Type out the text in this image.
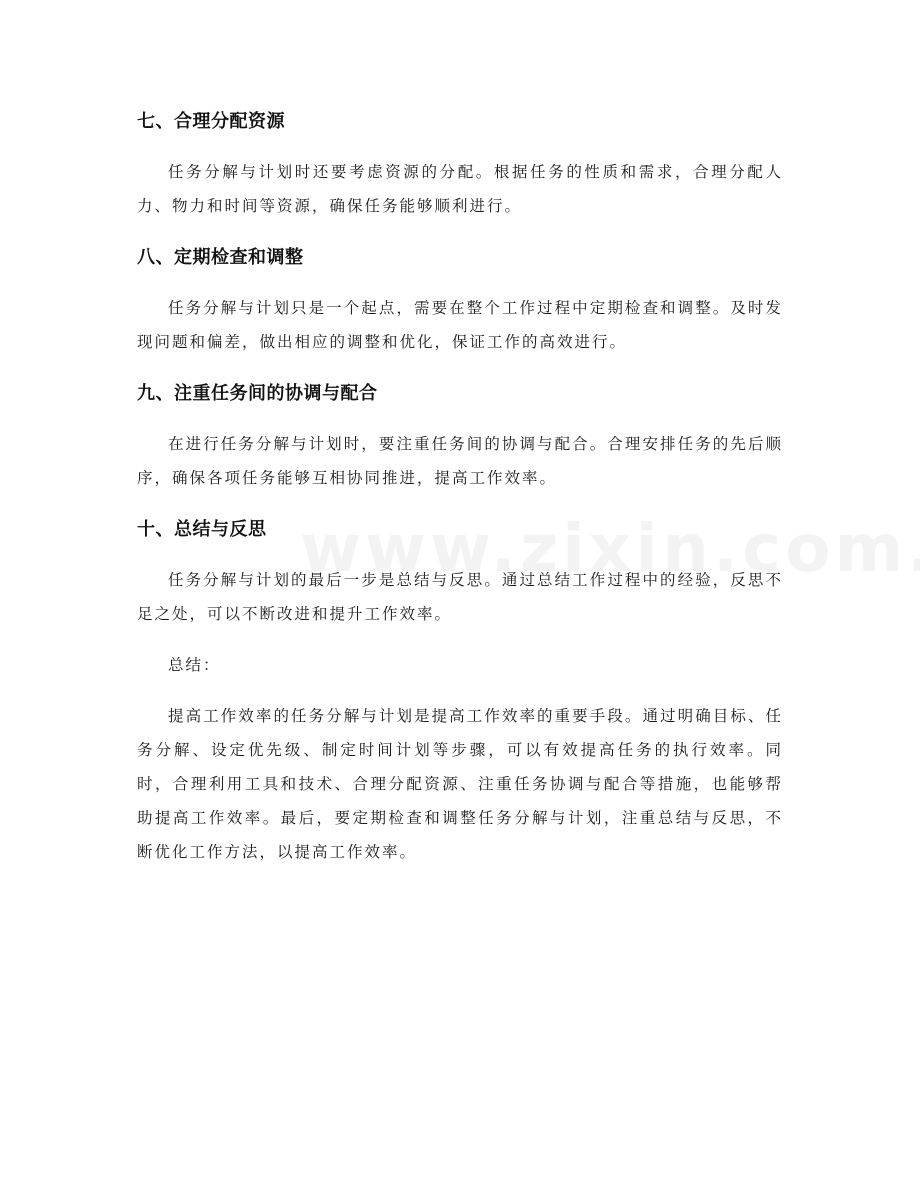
七、合理分配资源

任务分解与计划时还要考虑资源的分配。根据任务的性质和需求，合理分配人力、物力和时间等资源，确保任务能够顺利进行。

八、定期检查和调整

任务分解与计划只是一个起点，需要在整个工作过程中定期检查和调整。及时发现问题和偏差，做出相应的调整和优化，保证工作的高效进行。

九、注重任务间的协调与配合

在进行任务分解与计划时，要注重任务间的协调与配合。合理安排任务的先后顺序，确保各项任务能够互相协同推进，提高工作效率。

十、总结与反思

任务分解与计划的最后一步是总结与反思。通过总结工作过程中的经验，反思不足之处，可以不断改进和提升工作效率。

总结：

提高工作效率的任务分解与计划是提高工作效率的重要手段。通过明确目标、任务分解、设定优先级、制定时间计划等步骤，可以有效提高任务的执行效率。同时，合理利用工具和技术、合理分配资源、注重任务协调与配合等措施，也能够帮助提高工作效率。最后，要定期检查和调整任务分解与计划，注重总结与反思，不断优化工作方法，以提高工作效率。
